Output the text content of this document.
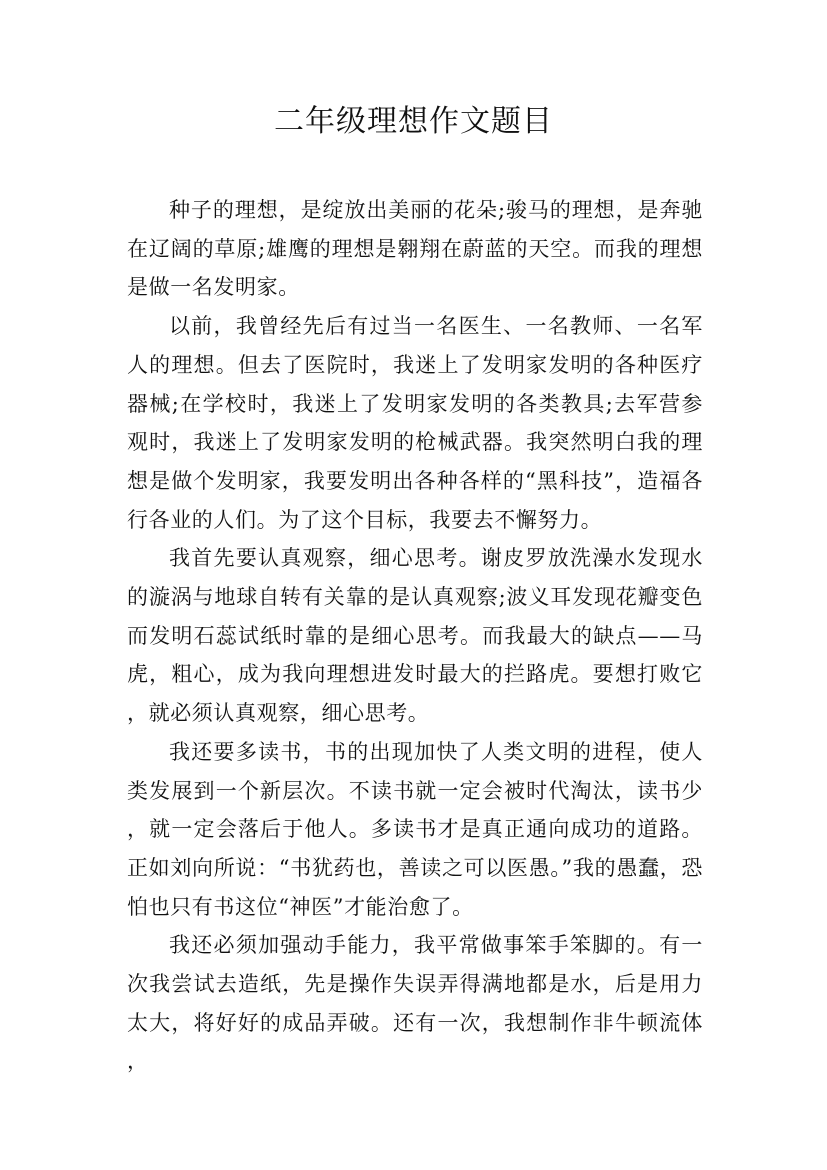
二年级理想作文题目

种子的理想，是绽放出美丽的花朵;骏马的理想，是奔驰在辽阔的草原;雄鹰的理想是翱翔在蔚蓝的天空。而我的理想是做一名发明家。

以前，我曾经先后有过当一名医生、一名教师、一名军人的理想。但去了医院时，我迷上了发明家发明的各种医疗器械;在学校时，我迷上了发明家发明的各类教具;去军营参观时，我迷上了发明家发明的枪械武器。我突然明白我的理想是做个发明家，我要发明出各种各样的“黑科技”，造福各行各业的人们。为了这个目标，我要去不懈努力。

我首先要认真观察，细心思考。谢皮罗放洗澡水发现水的漩涡与地球自转有关靠的是认真观察;波义耳发现花瓣变色而发明石蕊试纸时靠的是细心思考。而我最大的缺点——马虎，粗心，成为我向理想进发时最大的拦路虎。要想打败它，就必须认真观察，细心思考。

我还要多读书，书的出现加快了人类文明的进程，使人类发展到一个新层次。不读书就一定会被时代淘汰，读书少，就一定会落后于他人。多读书才是真正通向成功的道路。正如刘向所说：“书犹药也，善读之可以医愚。”我的愚蠢，恐怕也只有书这位“神医”才能治愈了。

我还必须加强动手能力，我平常做事笨手笨脚的。有一次我尝试去造纸，先是操作失误弄得满地都是水，后是用力太大，将好好的成品弄破。还有一次，我想制作非牛顿流体，
